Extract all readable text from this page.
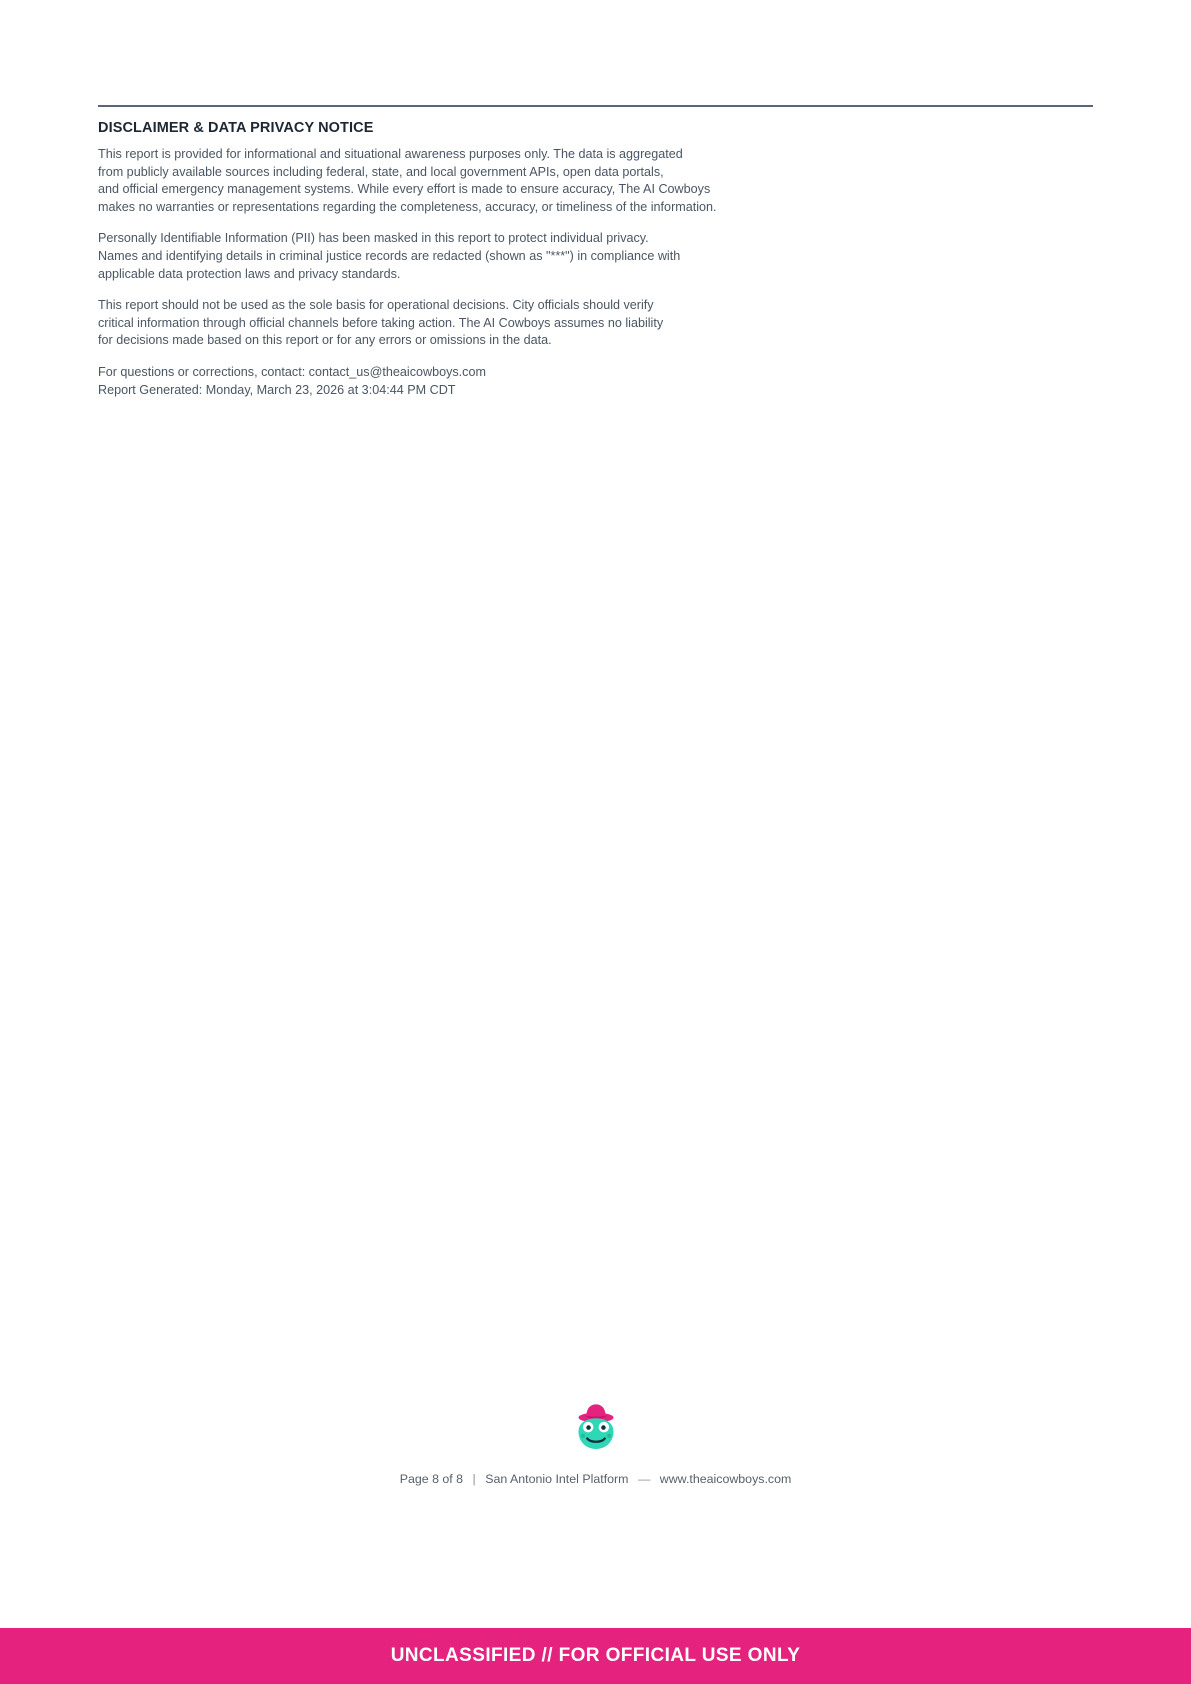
DISCLAIMER & DATA PRIVACY NOTICE

This report is provided for informational and situational awareness purposes only. The data is aggregated
from publicly available sources including federal, state, and local government APIs, open data portals,
and official emergency management systems. While every effort is made to ensure accuracy, The AI Cowboys
makes no warranties or representations regarding the completeness, accuracy, or timeliness of the information.

Personally Identifiable Information (PII) has been masked in this report to protect individual privacy.
Names and identifying details in criminal justice records are redacted (shown as "***") in compliance with
applicable data protection laws and privacy standards.

This report should not be used as the sole basis for operational decisions. City officials should verify
critical information through official channels before taking action. The AI Cowboys assumes no liability
for decisions made based on this report or for any errors or omissions in the data.

For questions or corrections, contact: contact_us@theaicowboys.com
Report Generated: Monday, March 23, 2026 at 3:04:44 PM CDT

Page 8 of 8 | San Antonio Intel Platform — www.theaicowboys.com
UNCLASSIFIED // FOR OFFICIAL USE ONLY
